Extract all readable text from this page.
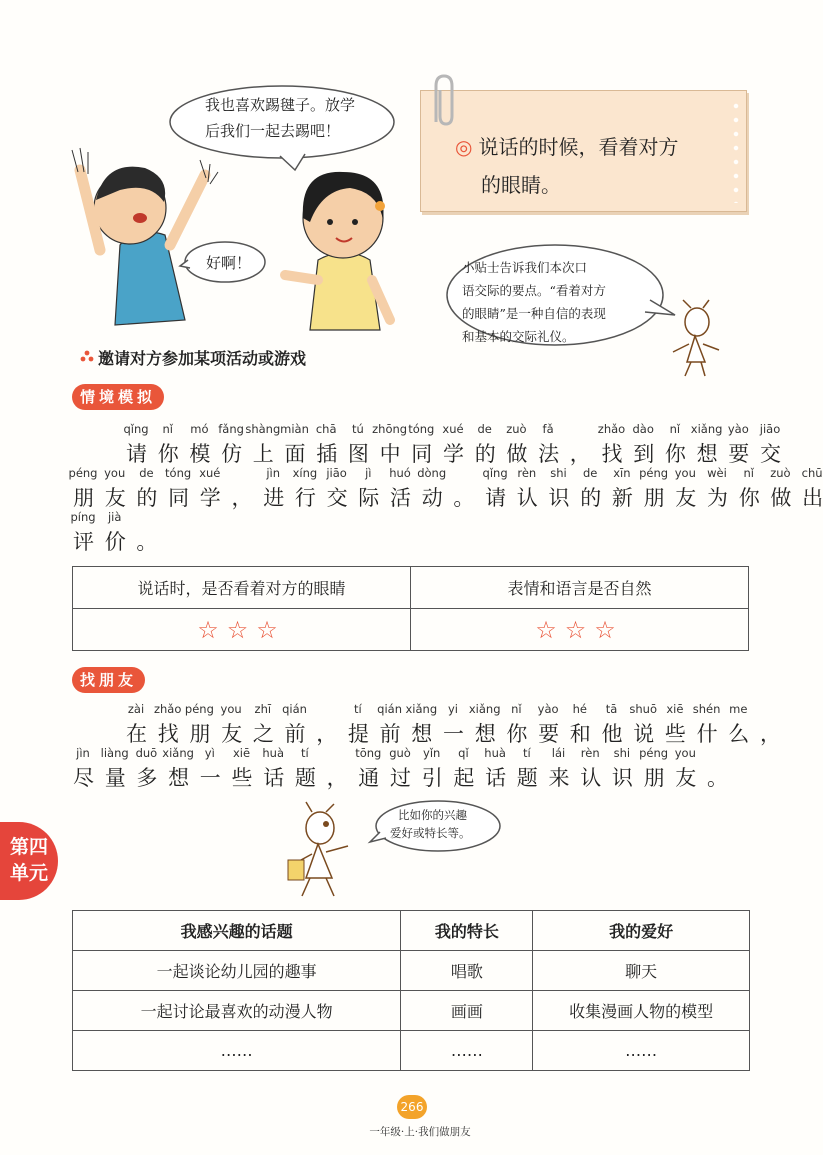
我也喜欢踢毽子。放学
后我们一起去踢吧！
好啊！
◎ 说话的时候，看着对方
的眼睛。
小贴士告诉我们本次口
语交际的要点。“看着对方
的眼睛”是一种自信的表现
和基本的交际礼仪。
邀请对方参加某项活动或游戏
情境模拟
请
qǐng
你
nǐ
模
mó
仿
fǎng
上
shàng
面
miàn
插
chā
图
tú
中
zhōng
同
tóng
学
xué
的
de
做
zuò
法
fǎ
， 找
zhǎo
到
dào
你
nǐ
想
xiǎng
要
yào
交
jiāo
朋
péng
友
you
的
de
同
tóng
学
xué
， 进
jìn
行
xíng
交
jiāo
际
jì
活
huó
动
dòng
。 请
qǐng
认
rèn
识
shi
的
de
新
xīn
朋
péng
友
you
为
wèi
你
nǐ
做
zuò
出
chū
评
píng
价
jià
。
说话时，是否看着对方的眼睛	表情和语言是否自然
☆☆☆	☆☆☆
找朋友
在
zài
找
zhǎo
朋
péng
友
you
之
zhī
前
qián
， 提
tí
前
qián
想
xiǎng
一
yi
想
xiǎng
你
nǐ
要
yào
和
hé
他
tā
说
shuō
些
xiē
什
shén
么
me
，
尽
jìn
量
liàng
多
duō
想
xiǎng
一
yì
些
xiē
话
huà
题
tí
， 通
tōng
过
guò
引
yǐn
起
qǐ
话
huà
题
tí
来
lái
认
rèn
识
shi
朋
péng
友
you
。
比如你的兴趣
爱好或特长等。
第四
单元
我感兴趣的话题	我的特长	我的爱好
一起谈论幼儿园的趣事	唱歌	聊天
一起讨论最喜欢的动漫人物	画画	收集漫画人物的模型
……	……	……
266
一年级·上·我们做朋友
